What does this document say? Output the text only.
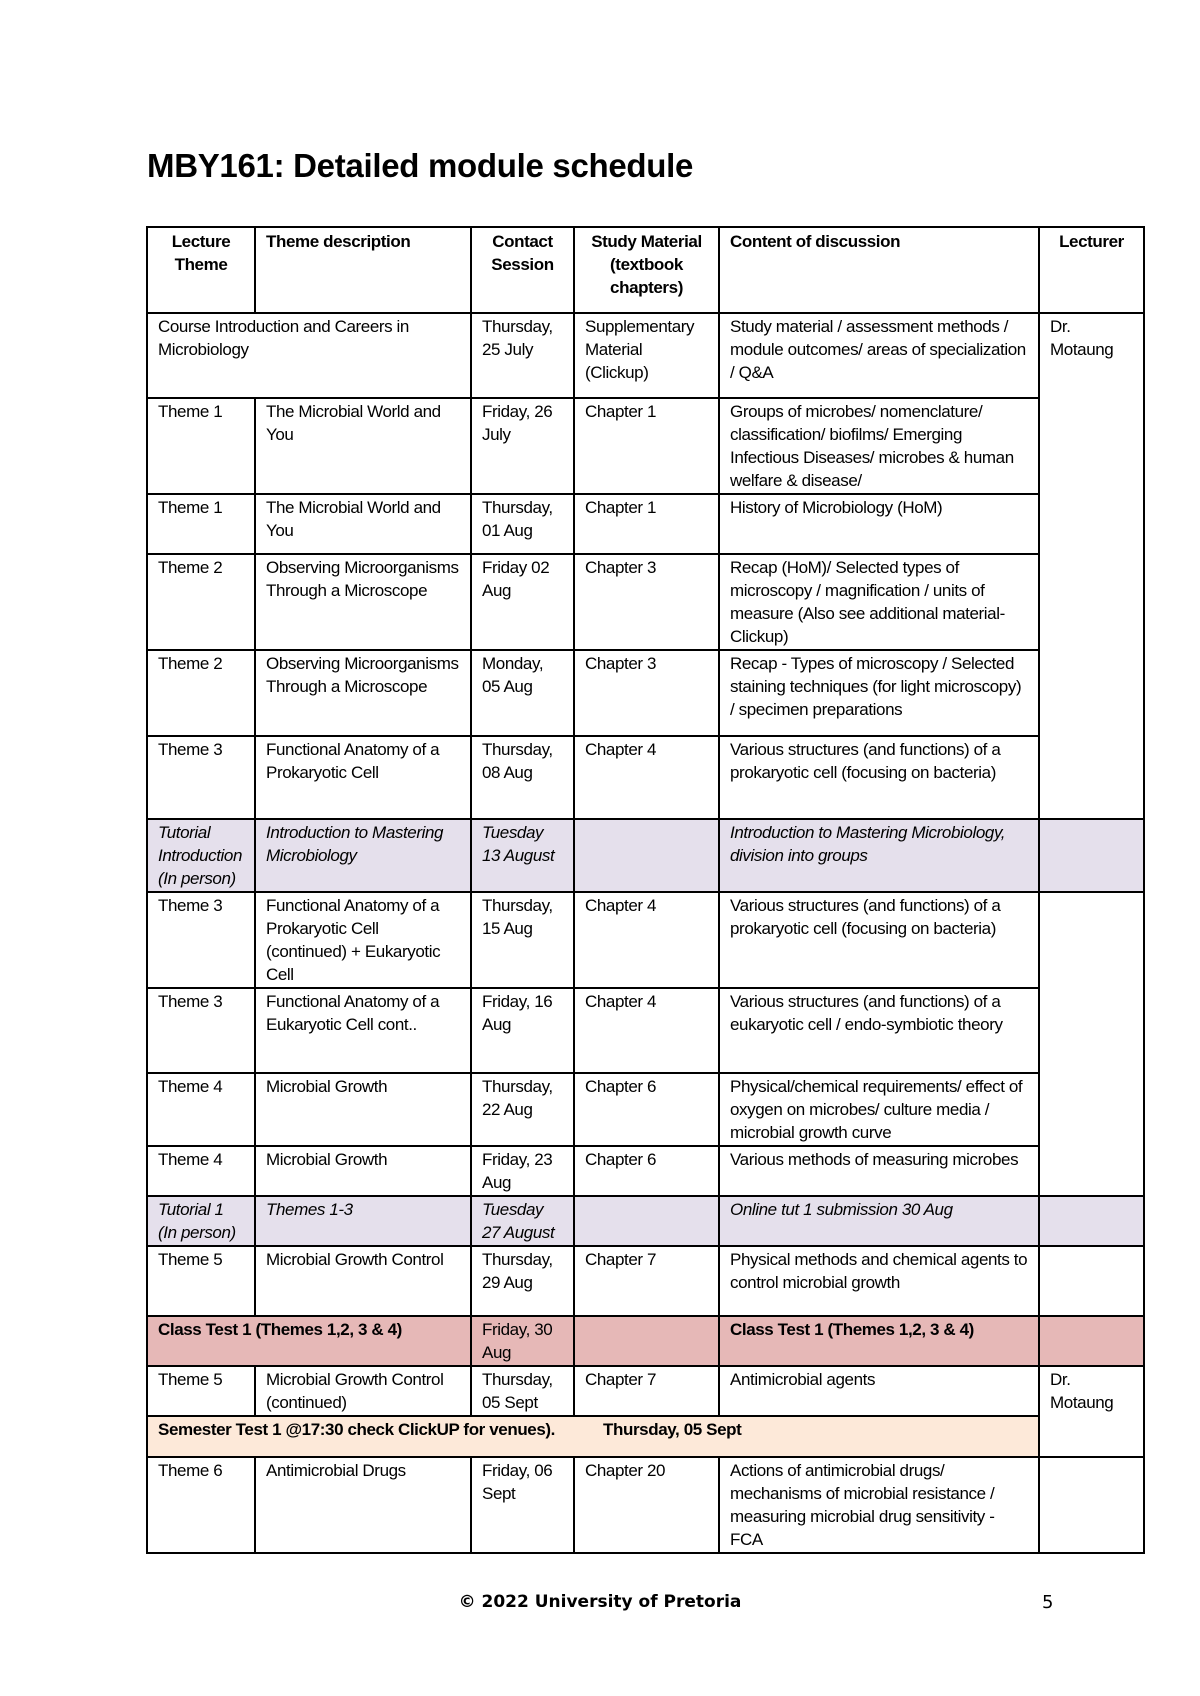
MBY161: Detailed module schedule
Lecture Theme	Theme description	Contact Session	Study Material (textbook chapters)	Content of discussion	Lecturer
Course Introduction and Careers in Microbiology		Thursday, 25 July	Supplementary Material (Clickup)	Study material / assessment methods / module outcomes/ areas of specialization / Q&A	Dr. Motaung
Theme 1	The Microbial World and You	Friday, 26 July	Chapter 1	Groups of microbes/ nomenclature/ classification/ biofilms/ Emerging Infectious Diseases/ microbes & human welfare & disease/	
Theme 1	The Microbial World and You	Thursday, 01 Aug	Chapter 1	History of Microbiology (HoM)	
Theme 2	Observing Microorganisms Through a Microscope	Friday 02 Aug	Chapter 3	Recap (HoM)/ Selected types of microscopy / magnification / units of measure (Also see additional material- Clickup)	
Theme 2	Observing Microorganisms Through a Microscope	Monday, 05 Aug	Chapter 3	Recap - Types of microscopy / Selected staining techniques (for light microscopy) / specimen preparations	
Theme 3	Functional Anatomy of a Prokaryotic Cell	Thursday, 08 Aug	Chapter 4	Various structures (and functions) of a prokaryotic cell (focusing on bacteria)	
Tutorial Introduction (In person)	Introduction to Mastering Microbiology	Tuesday 13 August		Introduction to Mastering Microbiology, division into groups	
Theme 3	Functional Anatomy of a Prokaryotic Cell (continued) + Eukaryotic Cell	Thursday, 15 Aug	Chapter 4	Various structures (and functions) of a prokaryotic cell (focusing on bacteria)	
Theme 3	Functional Anatomy of a Eukaryotic Cell cont..	Friday, 16 Aug	Chapter 4	Various structures (and functions) of a eukaryotic cell / endo-symbiotic theory	
Theme 4	Microbial Growth	Thursday, 22 Aug	Chapter 6	Physical/chemical requirements/ effect of oxygen on microbes/ culture media / microbial growth curve	
Theme 4	Microbial Growth	Friday, 23 Aug	Chapter 6	Various methods of measuring microbes	
Tutorial 1 (In person)	Themes 1-3	Tuesday 27 August		Online tut 1 submission 30 Aug	
Theme 5	Microbial Growth Control	Thursday, 29 Aug	Chapter 7	Physical methods and chemical agents to control microbial growth	
Class Test 1 (Themes 1,2, 3 & 4)		Friday, 30 Aug		Class Test 1 (Themes 1,2, 3 & 4)	
Theme 5	Microbial Growth Control (continued)	Thursday, 05 Sept	Chapter 7	Antimicrobial agents	Dr. Motaung
Semester Test 1 @17:30 check ClickUP for venues). Thursday, 05 Sept					
Theme 6	Antimicrobial Drugs	Friday, 06 Sept	Chapter 20	Actions of antimicrobial drugs/ mechanisms of microbial resistance / measuring microbial drug sensitivity - FCA	
© 2022 University of Pretoria	5
